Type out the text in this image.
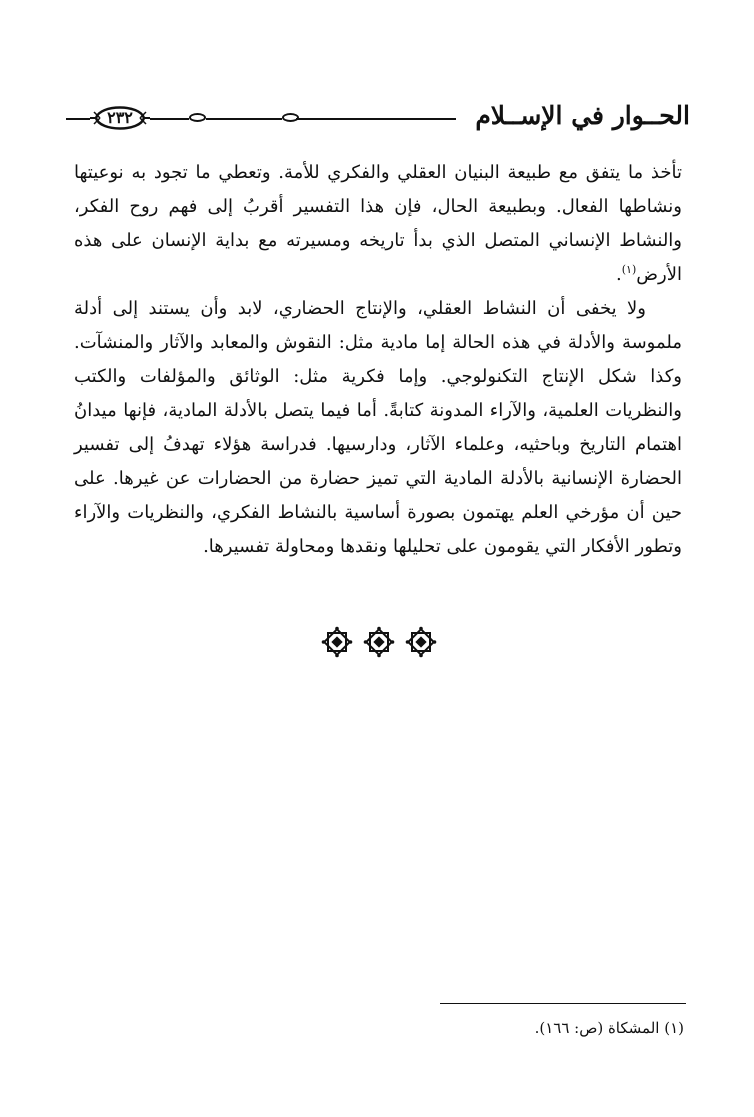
الحــوار في الإســلام
٢٣٢

تأخذ ما يتفق مع طبيعة البنيان العقلي والفكري للأمة. وتعطي ما تجود به نوعيتها ونشاطها الفعال. وبطبيعة الحال، فإن هذا التفسير أقربُ إلى فهم روح الفكر، والنشاط الإنساني المتصل الذي بدأ تاريخه ومسيرته مع بداية الإنسان على هذه الأرض$^{(١)}$.

ولا يخفى أن النشاط العقلي، والإنتاج الحضاري، لابد وأن يستند إلى أدلة ملموسة والأدلة في هذه الحالة إما مادية مثل: النقوش والمعابد والآثار والمنشآت. وكذا شكل الإنتاج التكنولوجي. وإما فكرية مثل: الوثائق والمؤلفات والكتب والنظريات العلمية، والآراء المدونة كتابةً. أما فيما يتصل بالأدلة المادية، فإنها ميدانُ اهتمام التاريخ وباحثيه، وعلماء الآثار، ودارسيها. فدراسة هؤلاء تهدفُ إلى تفسير الحضارة الإنسانية بالأدلة المادية التي تميز حضارة من الحضارات عن غيرها. على حين أن مؤرخي العلم يهتمون بصورة أساسية بالنشاط الفكري، والنظريات والآراء وتطور الأفكار التي يقومون على تحليلها ونقدها ومحاولة تفسيرها.

(١) المشكاة (ص: ١٦٦).
